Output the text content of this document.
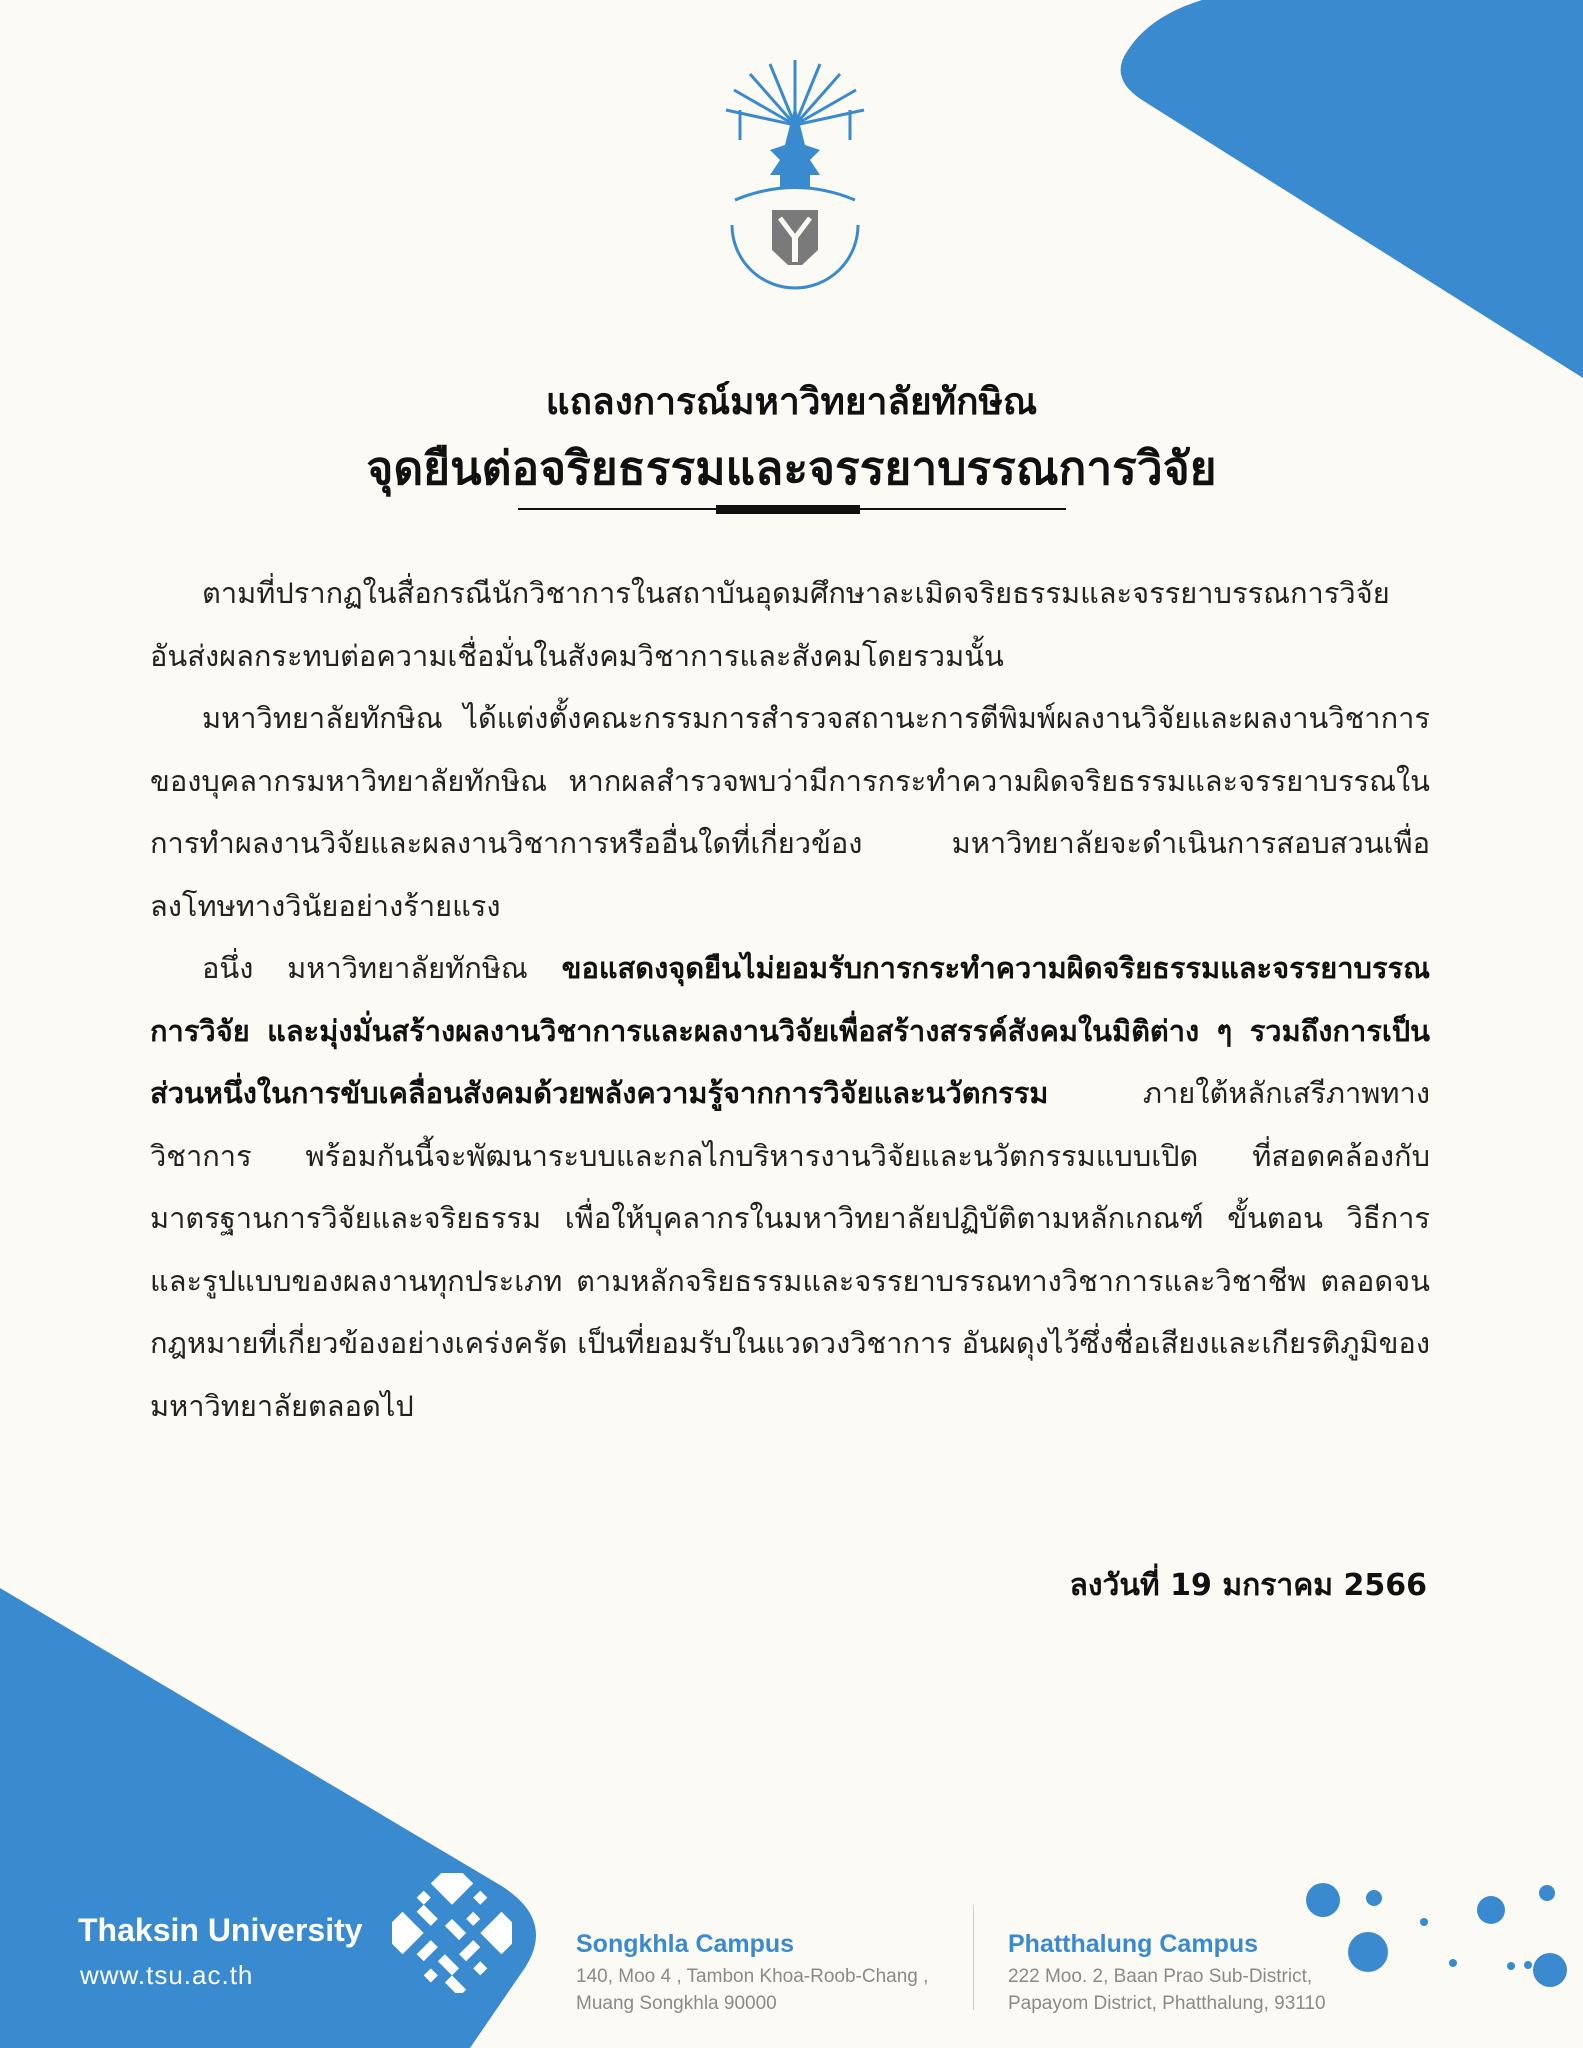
แถลงการณ์มหาวิทยาลัยทักษิณ
จุดยืนต่อจริยธรรมและจรรยาบรรณการวิจัย

ตามที่ปรากฏในสื่อกรณีนักวิชาการในสถาบันอุดมศึกษาละเมิดจริยธรรมและจรรยาบรรณการวิจัย อันส่งผลกระทบต่อความเชื่อมั่นในสังคมวิชาการและสังคมโดยรวมนั้น

มหาวิทยาลัยทักษิณ ได้แต่งตั้งคณะกรรมการสำรวจสถานะการตีพิมพ์ผลงานวิจัยและผลงานวิชาการของบุคลากรมหาวิทยาลัยทักษิณ หากผลสำรวจพบว่ามีการกระทำความผิดจริยธรรมและจรรยาบรรณในการทำผลงานวิจัยและผลงานวิชาการหรืออื่นใดที่เกี่ยวข้อง มหาวิทยาลัยจะดำเนินการสอบสวนเพื่อลงโทษทางวินัยอย่างร้ายแรง

อนึ่ง มหาวิทยาลัยทักษิณ ขอแสดงจุดยืนไม่ยอมรับการกระทำความผิดจริยธรรมและจรรยาบรรณการวิจัย และมุ่งมั่นสร้างผลงานวิชาการและผลงานวิจัยเพื่อสร้างสรรค์สังคมในมิติต่าง ๆ รวมถึงการเป็นส่วนหนึ่งในการขับเคลื่อนสังคมด้วยพลังความรู้จากการวิจัยและนวัตกรรม ภายใต้หลักเสรีภาพทางวิชาการ พร้อมกันนี้จะพัฒนาระบบและกลไกบริหารงานวิจัยและนวัตกรรมแบบเปิด ที่สอดคล้องกับมาตรฐานการวิจัยและจริยธรรม เพื่อให้บุคลากรในมหาวิทยาลัยปฏิบัติตามหลักเกณฑ์ ขั้นตอน วิธีการและรูปแบบของผลงานทุกประเภท ตามหลักจริยธรรมและจรรยาบรรณทางวิชาการและวิชาชีพ ตลอดจนกฎหมายที่เกี่ยวข้องอย่างเคร่งครัด เป็นที่ยอมรับในแวดวงวิชาการ อันผดุงไว้ซึ่งชื่อเสียงและเกียรติภูมิของมหาวิทยาลัยตลอดไป

ลงวันที่ 19 มกราคม 2566
Thaksin University
www.tsu.ac.th
Songkhla Campus
140, Moo 4 , Tambon Khoa-Roob-Chang ,
Muang Songkhla 90000
Phatthalung Campus
222 Moo. 2, Baan Prao Sub-District,
Papayom District, Phatthalung, 93110
